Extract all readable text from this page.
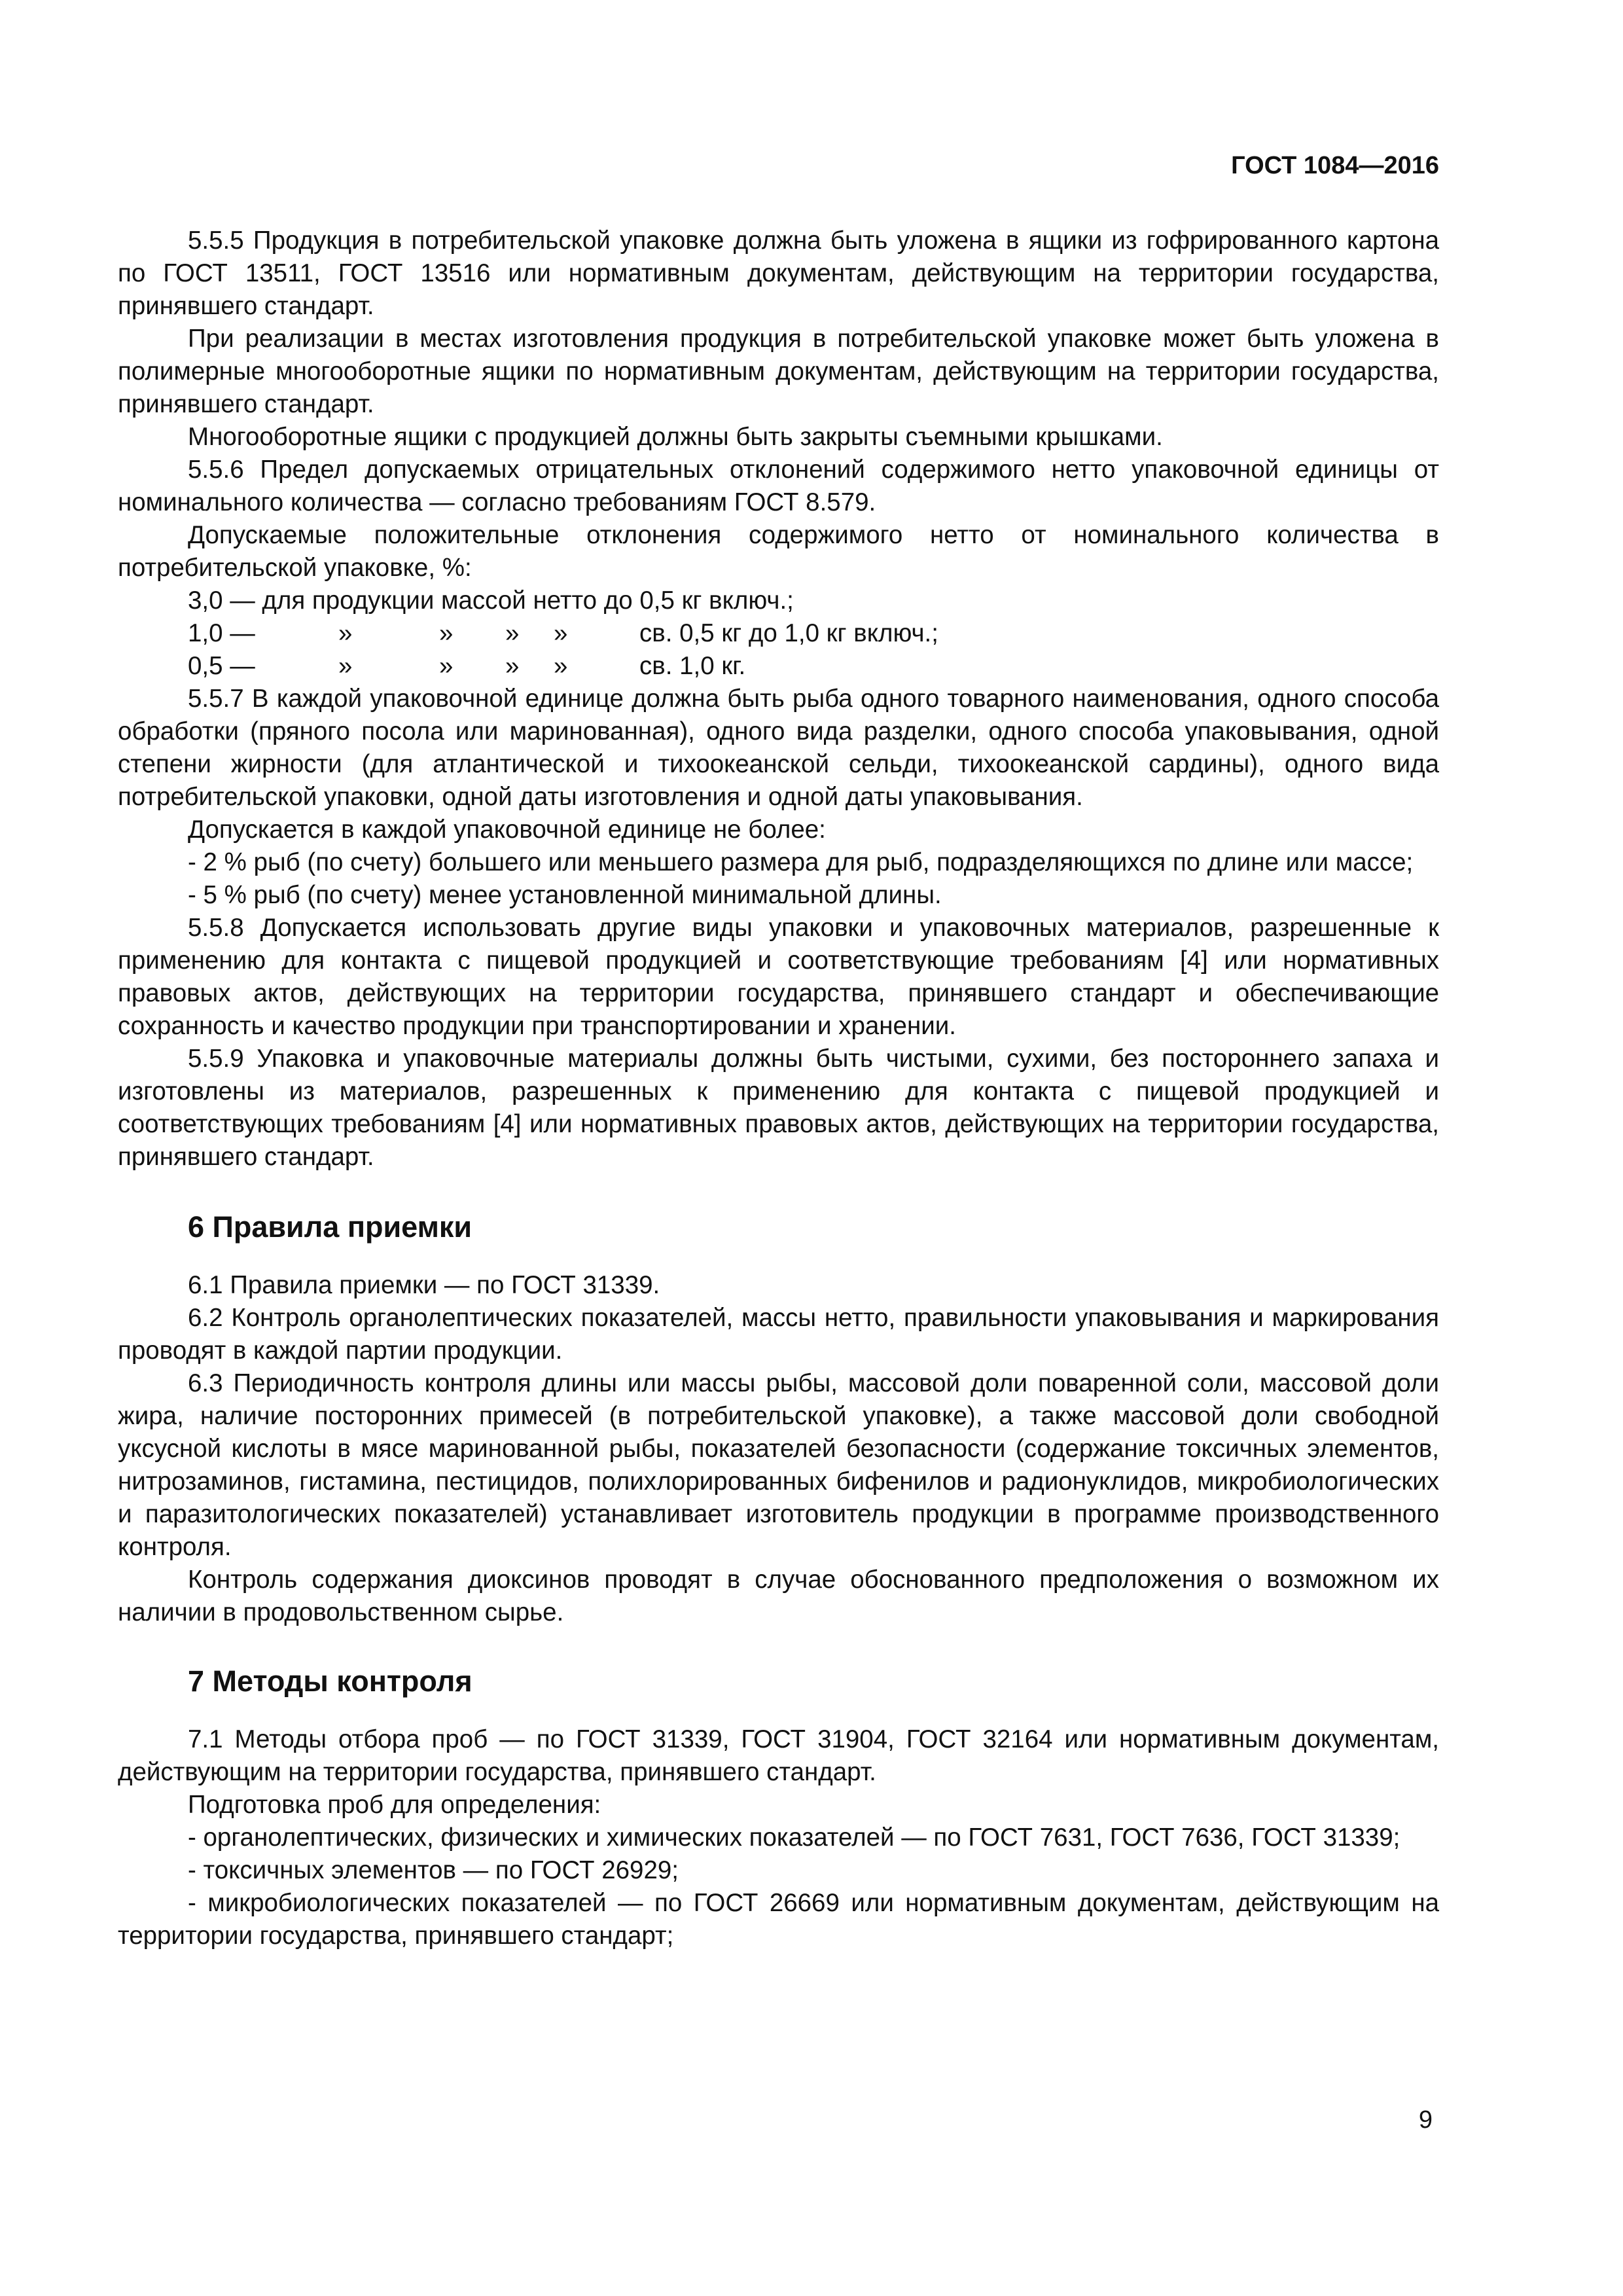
ГОСТ 1084—2016

5.5.5 Продукция в потребительской упаковке должна быть уложена в ящики из гофрированного картона по ГОСТ 13511, ГОСТ 13516 или нормативным документам, действующим на территории государства, принявшего стандарт.

При реализации в местах изготовления продукция в потребительской упаковке может быть уложена в полимерные многооборотные ящики по нормативным документам, действующим на территории государства, принявшего стандарт.

Многооборотные ящики с продукцией должны быть закрыты съемными крышками.

5.5.6 Предел допускаемых отрицательных отклонений содержимого нетто упаковочной единицы от номинального количества — согласно требованиям ГОСТ 8.579.

Допускаемые положительные отклонения содержимого нетто от номинального количества в потребительской упаковке, %:

3,0 — для продукции массой нетто до 0,5 кг включ.;
1,0 —	»	» » »	св. 0,5 кг до 1,0 кг включ.;
0,5 —	»	» » »	св. 1,0 кг.

5.5.7 В каждой упаковочной единице должна быть рыба одного товарного наименования, одного способа обработки (пряного посола или маринованная), одного вида разделки, одного способа упаковывания, одной степени жирности (для атлантической и тихоокеанской сельди, тихоокеанской сардины), одного вида потребительской упаковки, одной даты изготовления и одной даты упаковывания.

Допускается в каждой упаковочной единице не более:

- 2 % рыб (по счету) большего или меньшего размера для рыб, подразделяющихся по длине или массе;

- 5 % рыб (по счету) менее установленной минимальной длины.

5.5.8 Допускается использовать другие виды упаковки и упаковочных материалов, разрешенные к применению для контакта с пищевой продукцией и соответствующие требованиям [4] или нормативных правовых актов, действующих на территории государства, принявшего стандарт и обеспечивающие сохранность и качество продукции при транспортировании и хранении.

5.5.9 Упаковка и упаковочные материалы должны быть чистыми, сухими, без постороннего запаха и изготовлены из материалов, разрешенных к применению для контакта с пищевой продукцией и соответствующих требованиям [4] или нормативных правовых актов, действующих на территории государства, принявшего стандарт.

6 Правила приемки

6.1 Правила приемки — по ГОСТ 31339.

6.2 Контроль органолептических показателей, массы нетто, правильности упаковывания и маркирования проводят в каждой партии продукции.

6.3 Периодичность контроля длины или массы рыбы, массовой доли поваренной соли, массовой доли жира, наличие посторонних примесей (в потребительской упаковке), а также массовой доли свободной уксусной кислоты в мясе маринованной рыбы, показателей безопасности (содержание токсичных элементов, нитрозаминов, гистамина, пестицидов, полихлорированных бифенилов и радионуклидов, микробиологических и паразитологических показателей) устанавливает изготовитель продукции в программе производственного контроля.

Контроль содержания диоксинов проводят в случае обоснованного предположения о возможном их наличии в продовольственном сырье.

7 Методы контроля

7.1 Методы отбора проб — по ГОСТ 31339, ГОСТ 31904, ГОСТ 32164 или нормативным документам, действующим на территории государства, принявшего стандарт.

Подготовка проб для определения:

- органолептических, физических и химических показателей — по ГОСТ 7631, ГОСТ 7636, ГОСТ 31339;

- токсичных элементов — по ГОСТ 26929;

- микробиологических показателей — по ГОСТ 26669 или нормативным документам, действующим на территории государства, принявшего стандарт;

9
